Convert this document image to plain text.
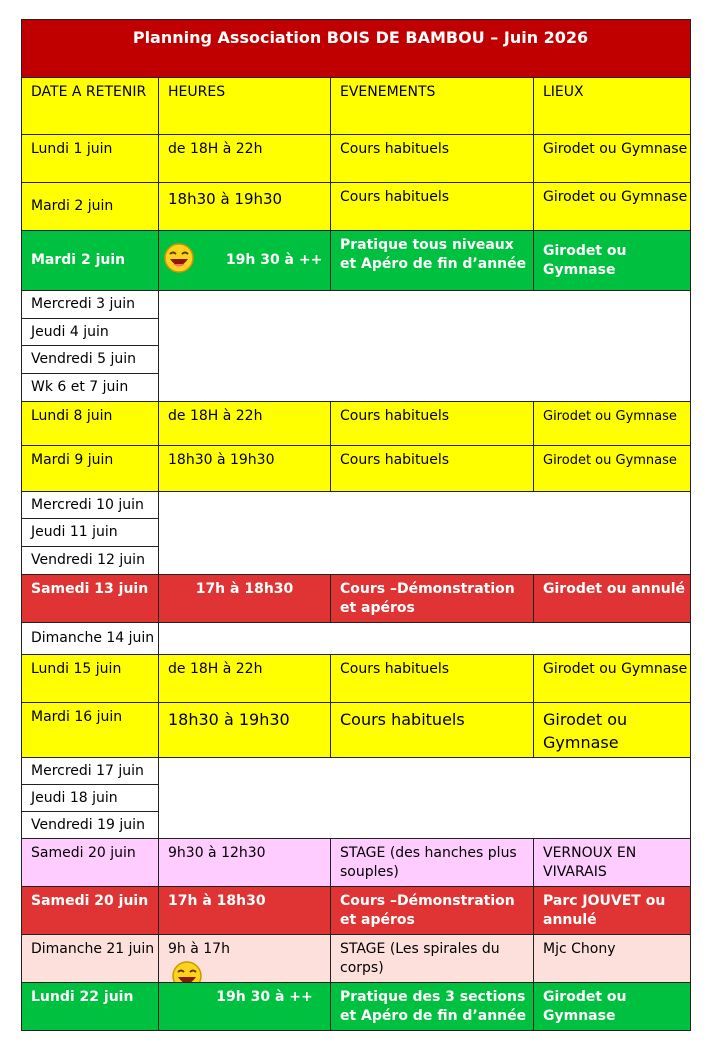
Planning Association BOIS DE BAMBOU – Juin 2026			
DATE A RETENIR	HEURES	EVENEMENTS	LIEUX
Lundi 1 juin	de 18H à 22h	Cours habituels	Girodet ou Gymnase
Mardi 2 juin	18h30 à 19h30	Cours habituels	Girodet ou Gymnase
Mardi 2 juin	19h 30 à ++	Pratique tous niveaux et Apéro de fin d’année	Girodet ou Gymnase
Mercredi 3 juin			
Jeudi 4 juin			
Vendredi 5 juin			
Wk 6 et 7 juin			
Lundi 8 juin	de 18H à 22h	Cours habituels	Girodet ou Gymnase
Mardi 9 juin	18h30 à 19h30	Cours habituels	Girodet ou Gymnase
Mercredi 10 juin			
Jeudi 11 juin			
Vendredi 12 juin			
Samedi 13 juin	17h à 18h30	Cours –Démonstration et apéros	Girodet ou annulé
Dimanche 14 juin			
Lundi 15 juin	de 18H à 22h	Cours habituels	Girodet ou Gymnase
Mardi 16 juin	18h30 à 19h30	Cours habituels	Girodet ou Gymnase
Mercredi 17 juin			
Jeudi 18 juin			
Vendredi 19 juin			
Samedi 20 juin	9h30 à 12h30	STAGE (des hanches plus souples)	VERNOUX EN VIVARAIS
Samedi 20 juin	17h à 18h30	Cours –Démonstration et apéros	Parc JOUVET ou annulé
Dimanche 21 juin	9h à 17h	STAGE (Les spirales du corps)	Mjc Chony
Lundi 22 juin	19h 30 à ++	Pratique des 3 sections et Apéro de fin d’année	Girodet ou Gymnase
